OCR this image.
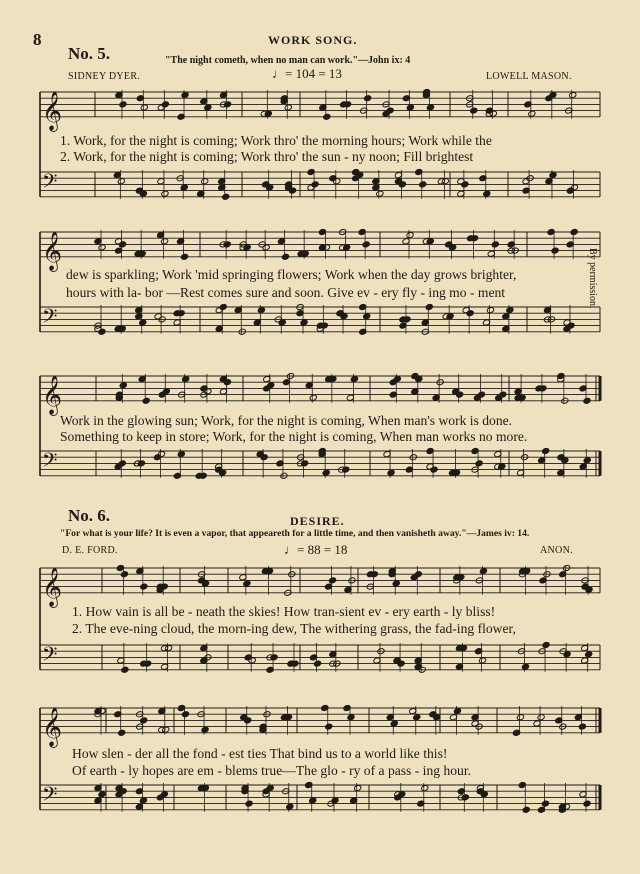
8
No. 5.
WORK SONG.
"The night cometh, when no man can work."—John ix: 4
SIDNEY DYER.	LOWELL MASON.
♩= 104 = 13
1. Work, for the night is coming; Work thro' the morning hours; Work while the
2. Work, for the night is coming; Work thro' the sun - ny noon; Fill brightest
dew is sparkling; Work 'mid springing flowers; Work when the day grows brighter,
hours with la- bor —Rest comes sure and soon. Give ev - ery fly - ing mo - ment
Work in the glowing sun; Work, for the night is coming, When man's work is done.
Something to keep in store; Work, for the night is coming, When man works no more.
By permission.
No. 6.	DESIRE.
"For what is your life? It is even a vapor, that appeareth for a little time, and then vanisheth away."—James iv: 14.
D. E. FORD.	ANON.
♩= 88 = 18
1. How vain is all be - neath the skies! How tran-sient ev - ery earth - ly bliss!
2. The eve-ning cloud, the morn-ing dew, The withering grass, the fad-ing flower,
How slen - der all the fond - est ties That bind us to a world like this!
Of earth - ly hopes are em - blems true—The glo - ry of a pass - ing hour.
𝄞
𝄢
𝄞
𝄢
𝄞
𝄢
𝄞
𝄢
𝄞
𝄢
